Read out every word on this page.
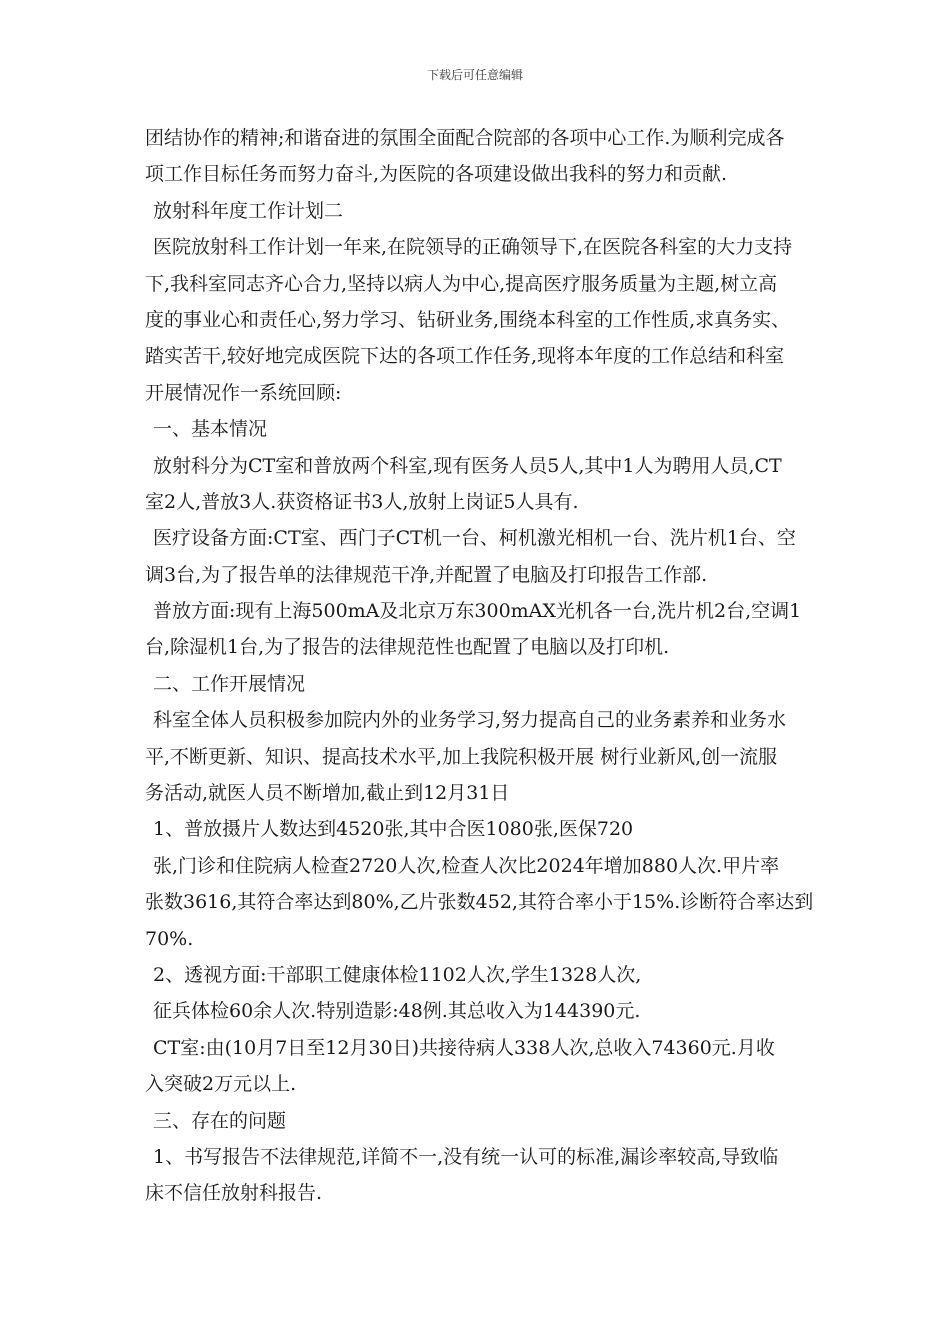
下载后可任意编辑
团结协作的精神;和谐奋进的氛围全面配合院部的各项中心工作.为顺利完成各
项工作目标任务而努力奋斗,为医院的各项建设做出我科的努力和贡献.
放射科年度工作计划二
医院放射科工作计划一年来,在院领导的正确领导下,在医院各科室的大力支持
下,我科室同志齐心合力,坚持以病人为中心,提高医疗服务质量为主题,树立高
度的事业心和责任心,努力学习、钻研业务,围绕本科室的工作性质,求真务实、
踏实苦干,较好地完成医院下达的各项工作任务,现将本年度的工作总结和科室
开展情况作一系统回顾:
一、基本情况
放射科分为CT室和普放两个科室,现有医务人员5人,其中1人为聘用人员,CT
室2人,普放3人.获资格证书3人,放射上岗证5人具有.
医疗设备方面:CT室、西门子CT机一台、柯机激光相机一台、洗片机1台、空
调3台,为了报告单的法律规范干净,并配置了电脑及打印报告工作部.
普放方面:现有上海500mA及北京万东300mAX光机各一台,洗片机2台,空调1
台,除湿机1台,为了报告的法律规范性也配置了电脑以及打印机.
二、工作开展情况
科室全体人员积极参加院内外的业务学习,努力提高自己的业务素养和业务水
平,不断更新、知识、提高技术水平,加上我院积极开展 树行业新风,创一流服
务活动,就医人员不断增加,截止到12月31日
1、普放摄片人数达到4520张,其中合医1080张,医保720
张,门诊和住院病人检查2720人次,检查人次比2024年增加880人次.甲片率
张数3616,其符合率达到80%,乙片张数452,其符合率小于15%.诊断符合率达到
70%.
2、透视方面:干部职工健康体检1102人次,学生1328人次,
征兵体检60余人次.特别造影:48例.其总收入为144390元.
CT室:由(10月7日至12月30日)共接待病人338人次,总收入74360元.月收
入突破2万元以上.
三、存在的问题
1、书写报告不法律规范,详简不一,没有统一认可的标准,漏诊率较高,导致临
床不信任放射科报告.
